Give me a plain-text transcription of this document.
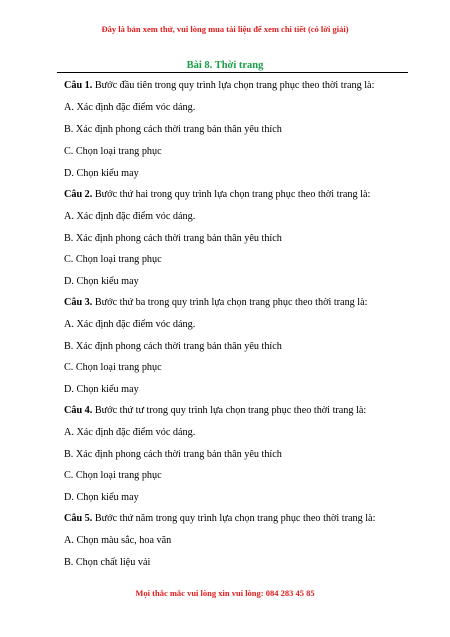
Đây là bản xem thử, vui lòng mua tài liệu để xem chi tiết (có lời giải)
Bài 8. Thời trang
Câu 1. Bước đầu tiên trong quy trình lựa chọn trang phục theo thời trang là:
A. Xác định đặc điểm vóc dáng.
B. Xác định phong cách thời trang bản thân yêu thích
C. Chọn loại trang phục
D. Chọn kiểu may
Câu 2. Bước thứ hai trong quy trình lựa chọn trang phục theo thời trang là:
A. Xác định đặc điểm vóc dáng.
B. Xác định phong cách thời trang bản thân yêu thích
C. Chọn loại trang phục
D. Chọn kiểu may
Câu 3. Bước thứ ba trong quy trình lựa chọn trang phục theo thời trang là:
A. Xác định đặc điểm vóc dáng.
B. Xác định phong cách thời trang bản thân yêu thích
C. Chọn loại trang phục
D. Chọn kiểu may
Câu 4. Bước thứ tư trong quy trình lựa chọn trang phục theo thời trang là:
A. Xác định đặc điểm vóc dáng.
B. Xác định phong cách thời trang bản thân yêu thích
C. Chọn loại trang phục
D. Chọn kiểu may
Câu 5. Bước thứ năm trong quy trình lựa chọn trang phục theo thời trang là:
A. Chọn màu sắc, hoa văn
B. Chọn chất liệu vải
Mọi thắc mắc vui lòng xin vui lòng: 084 283 45 85
